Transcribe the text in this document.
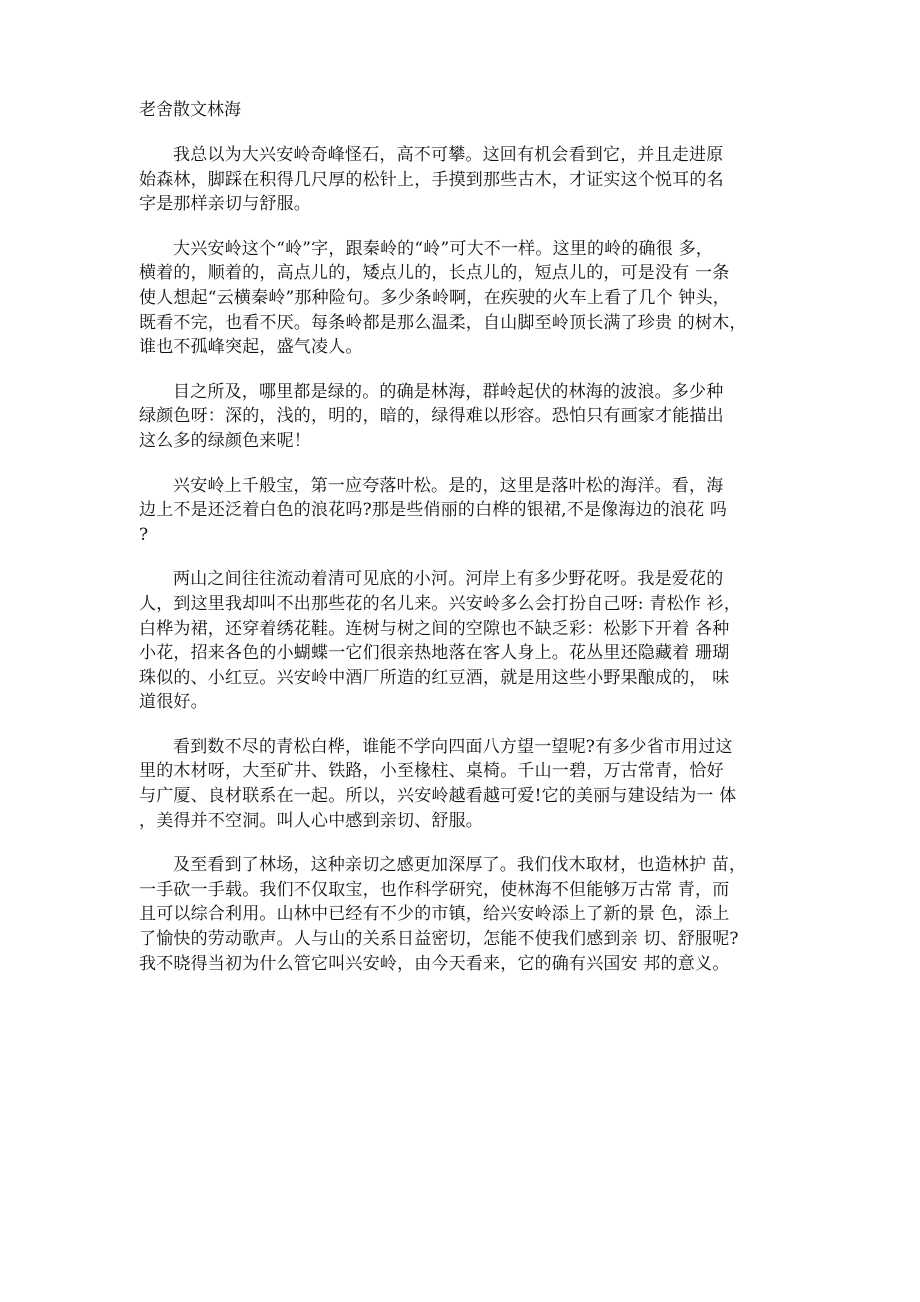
老舍散文林海
我总以为大兴安岭奇峰怪石，高不可攀。这回有机会看到它，并且走进原
始森林，脚踩在积得几尺厚的松针上，手摸到那些古木，才证实这个悦耳的名
字是那样亲切与舒服。
大兴安岭这个“岭”字，跟秦岭的“岭”可大不一样。这里的岭的确很 多，
横着的，顺着的，高点儿的，矮点儿的，长点儿的，短点儿的，可是没有 一条
使人想起“云横秦岭”那种险句。多少条岭啊，在疾驶的火车上看了几个 钟头，
既看不完，也看不厌。每条岭都是那么温柔，自山脚至岭顶长满了珍贵 的树木，
谁也不孤峰突起，盛气凌人。
目之所及，哪里都是绿的。的确是林海，群岭起伏的林海的波浪。多少种
绿颜色呀：深的，浅的，明的，暗的，绿得难以形容。恐怕只有画家才能描出
这么多的绿颜色来呢！
兴安岭上千般宝，第一应夸落叶松。是的，这里是落叶松的海洋。看，海
边上不是还泛着白色的浪花吗?那是些俏丽的白桦的银裙,不是像海边的浪花 吗
?
两山之间往往流动着清可见底的小河。河岸上有多少野花呀。我是爱花的
人，到这里我却叫不出那些花的名儿来。兴安岭多么会打扮自己呀: 青松作 衫，
白桦为裙，还穿着绣花鞋。连树与树之间的空隙也不缺乏彩：松影下开着 各种
小花，招来各色的小蝴蝶一它们很亲热地落在客人身上。花丛里还隐藏着 珊瑚
珠似的、小红豆。兴安岭中酒厂所造的红豆酒，就是用这些小野果酿成的， 味
道很好。
看到数不尽的青松白桦，谁能不学向四面八方望一望呢?有多少省市用过这
里的木材呀，大至矿井、铁路，小至椽柱、桌椅。千山一碧，万古常青，恰好
与广厦、良材联系在一起。所以，兴安岭越看越可爱!它的美丽与建设结为一 体
，美得并不空洞。叫人心中感到亲切、舒服。
及至看到了林场，这种亲切之感更加深厚了。我们伐木取材，也造林护 苗，
一手砍一手载。我们不仅取宝，也作科学研究，使林海不但能够万古常 青，而
且可以综合利用。山林中已经有不少的市镇，给兴安岭添上了新的景 色，添上
了愉快的劳动歌声。人与山的关系日益密切，怎能不使我们感到亲 切、舒服呢?
我不晓得当初为什么管它叫兴安岭，由今天看来，它的确有兴国安 邦的意义。
